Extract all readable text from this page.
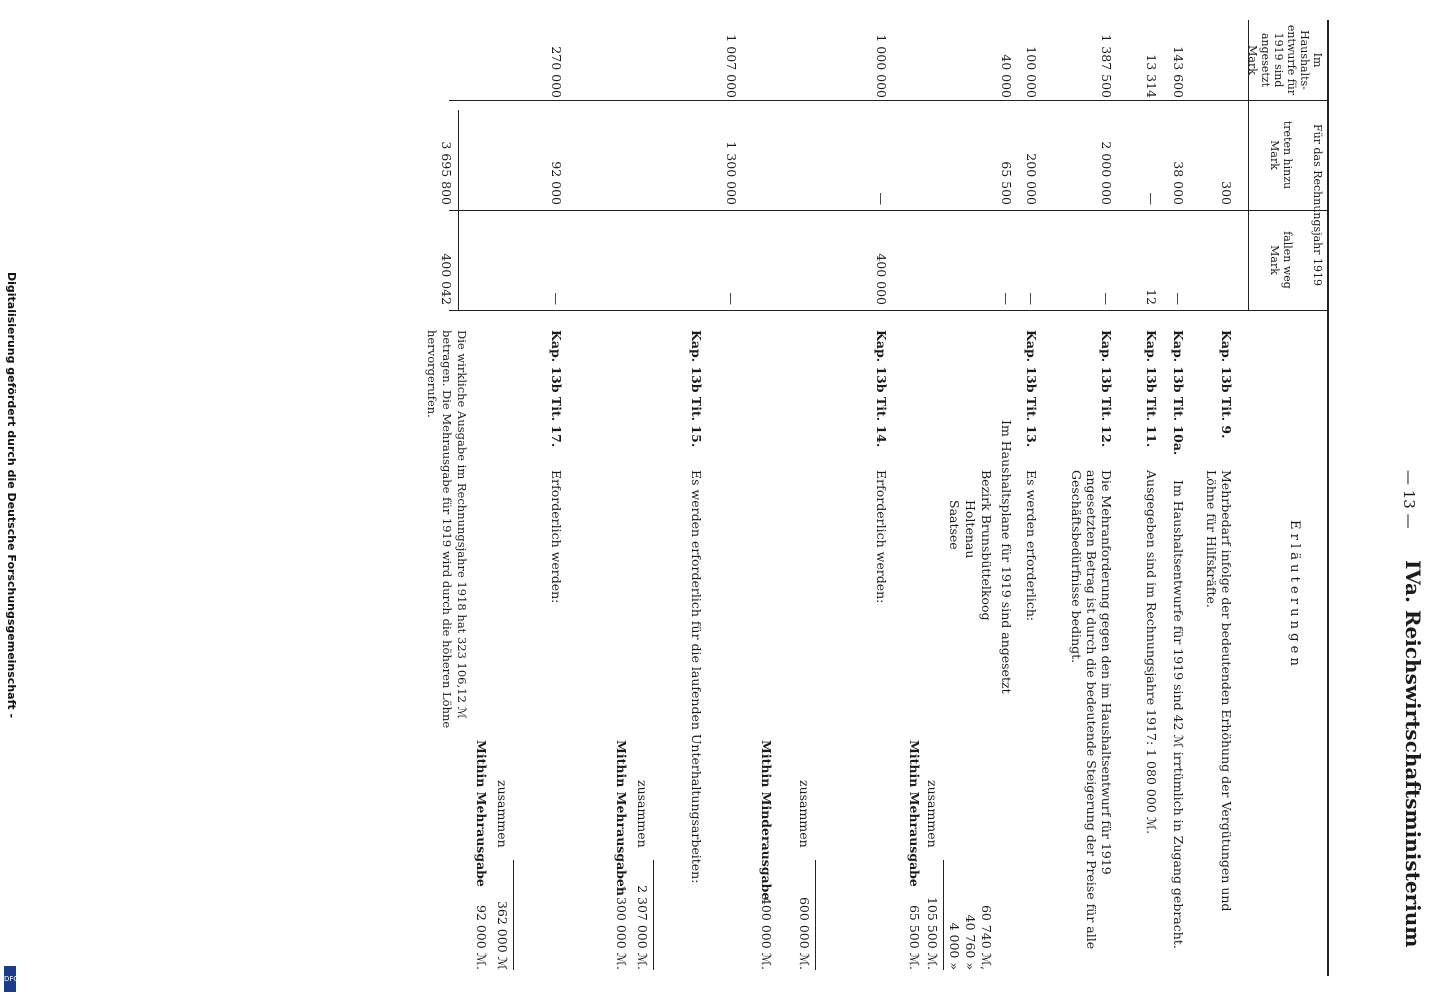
— 13 —
IVa. Reichswirtschaftsministerium
E r l ä u t e r u n g e n
Im Haushalts-entwurfe für 1919 sind angesetzt Mark
Für das Rechnungsjahr 1919
treten hinzu Mark
fallen weg Mark
300
Kap. 13b Tit. 9.
Mehrbedarf infolge der bedeutenden Erhöhung der Vergütungen und Löhne für Hilfskräfte.
143 600
38 000
—
Kap. 13b Tit. 10a.
Im Haushaltsentwurfe für 1919 sind 42 ℳ irrtümlich in Zugang gebracht.
13 314
—
12
Kap. 13b Tit. 11.
Ausgegeben sind im Rechnungsjahre 1917: 1 080 000 ℳ.
1 387 500
2 000 000
—
Kap. 13b Tit. 12.
Die Mehranforderung gegen den im Haushaltsentwurf für 1919 angesetzten Betrag ist durch die bedeutende Steigerung der Preise für alle Geschäftsbedürfnisse bedingt.
100 000
200 000
—
Kap. 13b Tit. 13.
Es werden erforderlich:
40 000
65 500
—
Im Haushaltsplane für 1919 sind angesetzt
1 000 000
—
400 000
Kap. 13b Tit. 14.
Erforderlich werden:
1 007 000
1 300 000
—
Kap. 13b Tit. 15.
Es werden erforderlich für die laufenden Unterhaltungsarbeiten:
270 000
92 000
—
Kap. 13b Tit. 17.
Erforderlich werden:	Bezirk Brunsbüttelkoog
60 740 ℳ,
Holtenau
40 760 »
Saatsee
4 000 »
zusammen
105 500 ℳ.
Mithin Mehrausgabe
65 500 ℳ.
zusammen
600 000 ℳ.
Mithin Minderausgabe
400 000 ℳ.
zusammen
2 307 000 ℳ.
Mithin Mehrausgaben
1 300 000 ℳ.
zusammen
362 000 ℳ
Mithin Mehrausgabe
92 000 ℳ.
3 695 800
400 042
Die wirkliche Ausgabe im Rechnungsjahre 1918 hat 323 106,12 ℳ betragen. Die Mehrausgabe für 1919 wird durch die höheren Löhne hervorgerufen.
Digitalisierung gefördert durch die Deutsche Forschungsgemeinschaft -
DFG
